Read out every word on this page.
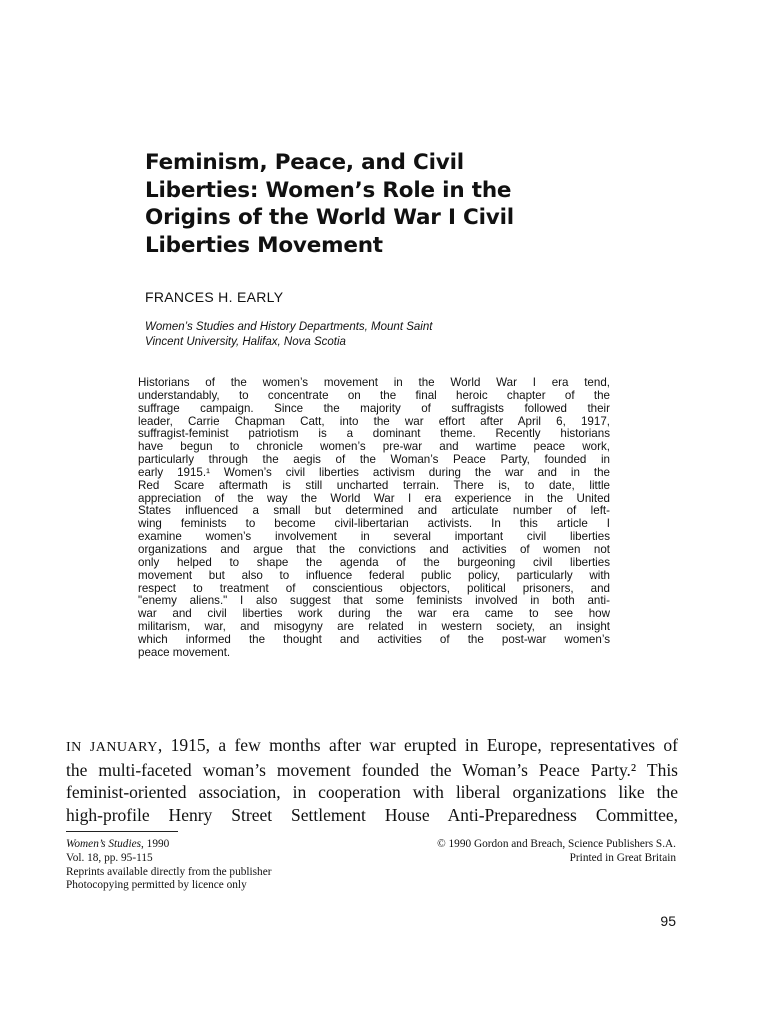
Feminism, Peace, and Civil
Liberties: Women’s Role in the
Origins of the World War I Civil
Liberties Movement
FRANCES H. EARLY
Women’s Studies and History Departments, Mount Saint
Vincent University, Halifax, Nova Scotia
Historians of the women’s movement in the World War I era tend,
understandably, to concentrate on the final heroic chapter of the
suffrage campaign. Since the majority of suffragists followed their
leader, Carrie Chapman Catt, into the war effort after April 6, 1917,
suffragist-feminist patriotism is a dominant theme. Recently historians
have begun to chronicle women’s pre-war and wartime peace work,
particularly through the aegis of the Woman’s Peace Party, founded in
early 1915.¹ Women’s civil liberties activism during the war and in the
Red Scare aftermath is still uncharted terrain. There is, to date, little
appreciation of the way the World War I era experience in the United
States influenced a small but determined and articulate number of left-
wing feminists to become civil-libertarian activists. In this article I
examine women’s involvement in several important civil liberties
organizations and argue that the convictions and activities of women not
only helped to shape the agenda of the burgeoning civil liberties
movement but also to influence federal public policy, particularly with
respect to treatment of conscientious objectors, political prisoners, and
"enemy aliens." I also suggest that some feminists involved in both anti-
war and civil liberties work during the war era came to see how
militarism, war, and misogyny are related in western society, an insight
which informed the thought and activities of the post-war women’s
peace movement.
IN JANUARY, 1915, a few months after war erupted in Europe, representatives of
the multi-faceted woman’s movement founded the Woman’s Peace Party.² This
feminist-oriented association, in cooperation with liberal organizations like the
high-profile Henry Street Settlement House Anti-Preparedness Committee,
Women’s Studies, 1990
Vol. 18, pp. 95-115
Reprints available directly from the publisher
Photocopying permitted by licence only
© 1990 Gordon and Breach, Science Publishers S.A.
Printed in Great Britain
95
